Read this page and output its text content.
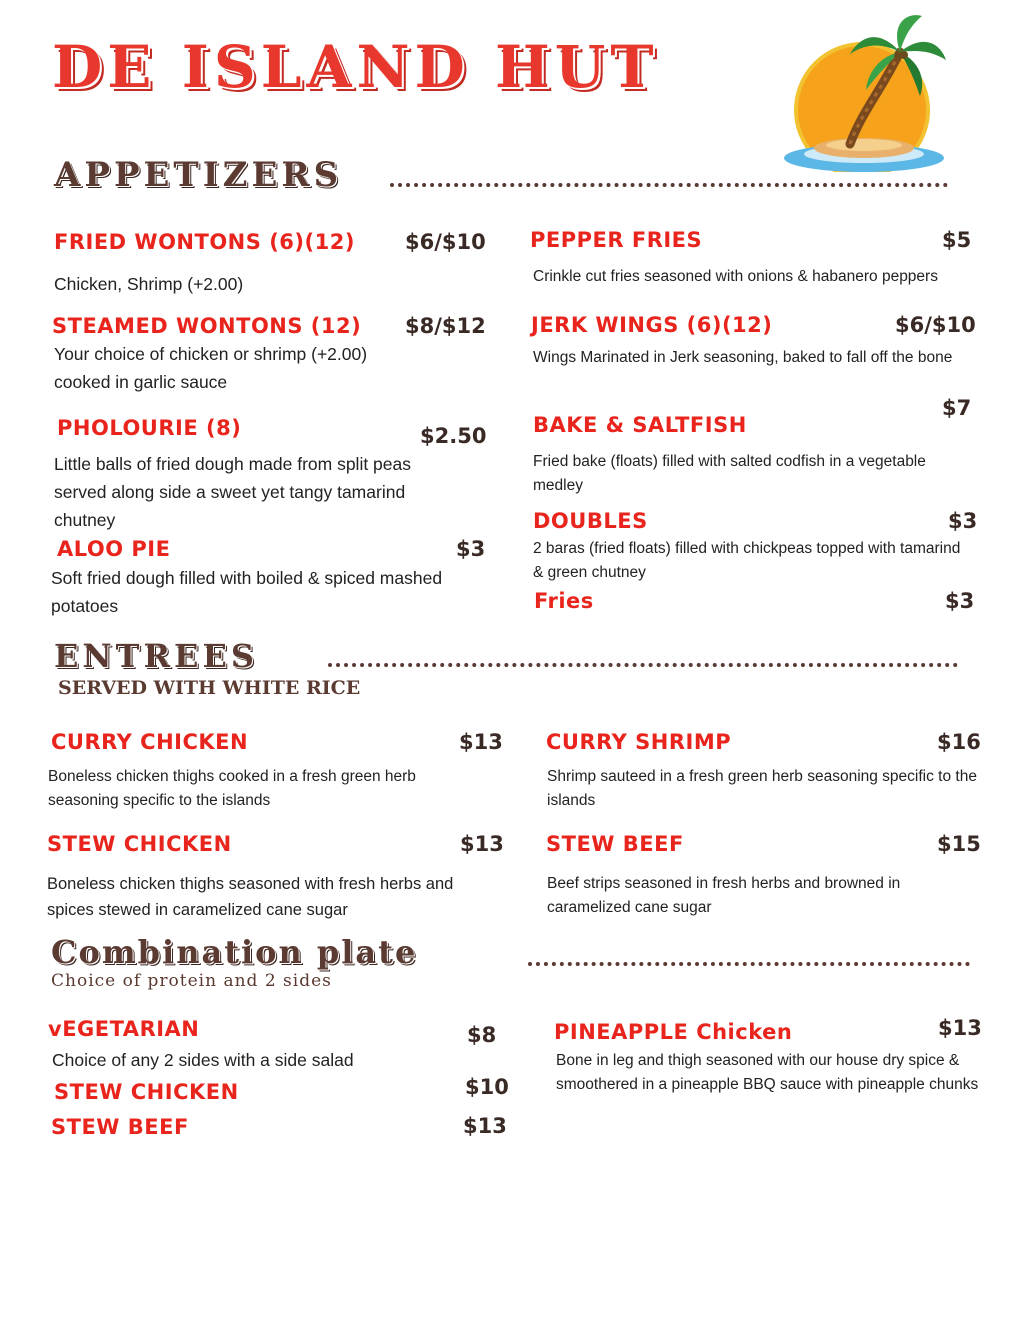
DE ISLAND HUT
APPETIZERS
FRIED WONTONS (6)(12) $6/$10
Chicken, Shrimp (+2.00)
STEAMED WONTONS (12) $8/$12
Your choice of chicken or shrimp (+2.00) cooked in garlic sauce
PHOLOURIE (8)	$2.50
Little balls of fried dough made from split peas served along side a sweet yet tangy tamarind chutney
ALOO PIE	$3
Soft fried dough filled with boiled & spiced mashed potatoes
PEPPER FRIES	$5
Crinkle cut fries seasoned with onions & habanero peppers
JERK WINGS (6)(12)	$6/$10
Wings Marinated in Jerk seasoning, baked to fall off the bone
$7
BAKE & SALTFISH
Fried bake (floats) filled with salted codfish in a vegetable medley
DOUBLES	$3
2 baras (fried floats) filled with chickpeas topped with tamarind & green chutney
Fries	$3
ENTREES
SERVED WITH WHITE RICE
CURRY CHICKEN	$13
Boneless chicken thighs cooked in a fresh green herb seasoning specific to the islands
STEW CHICKEN	$13
Boneless chicken thighs seasoned with fresh herbs and spices stewed in caramelized cane sugar
CURRY SHRIMP	$16
Shrimp sauteed in a fresh green herb seasoning specific to the islands
STEW BEEF	$15
Beef strips seasoned in fresh herbs and browned in caramelized cane sugar
Combination plate
Choice of protein and 2 sides
vEGETARIAN	$8
Choice of any 2 sides with a side salad
STEW CHICKEN	$10
STEW BEEF	$13
PINEAPPLE Chicken	$13
Bone in leg and thigh seasoned with our house dry spice & smoothered in a pineapple BBQ sauce with pineapple chunks
